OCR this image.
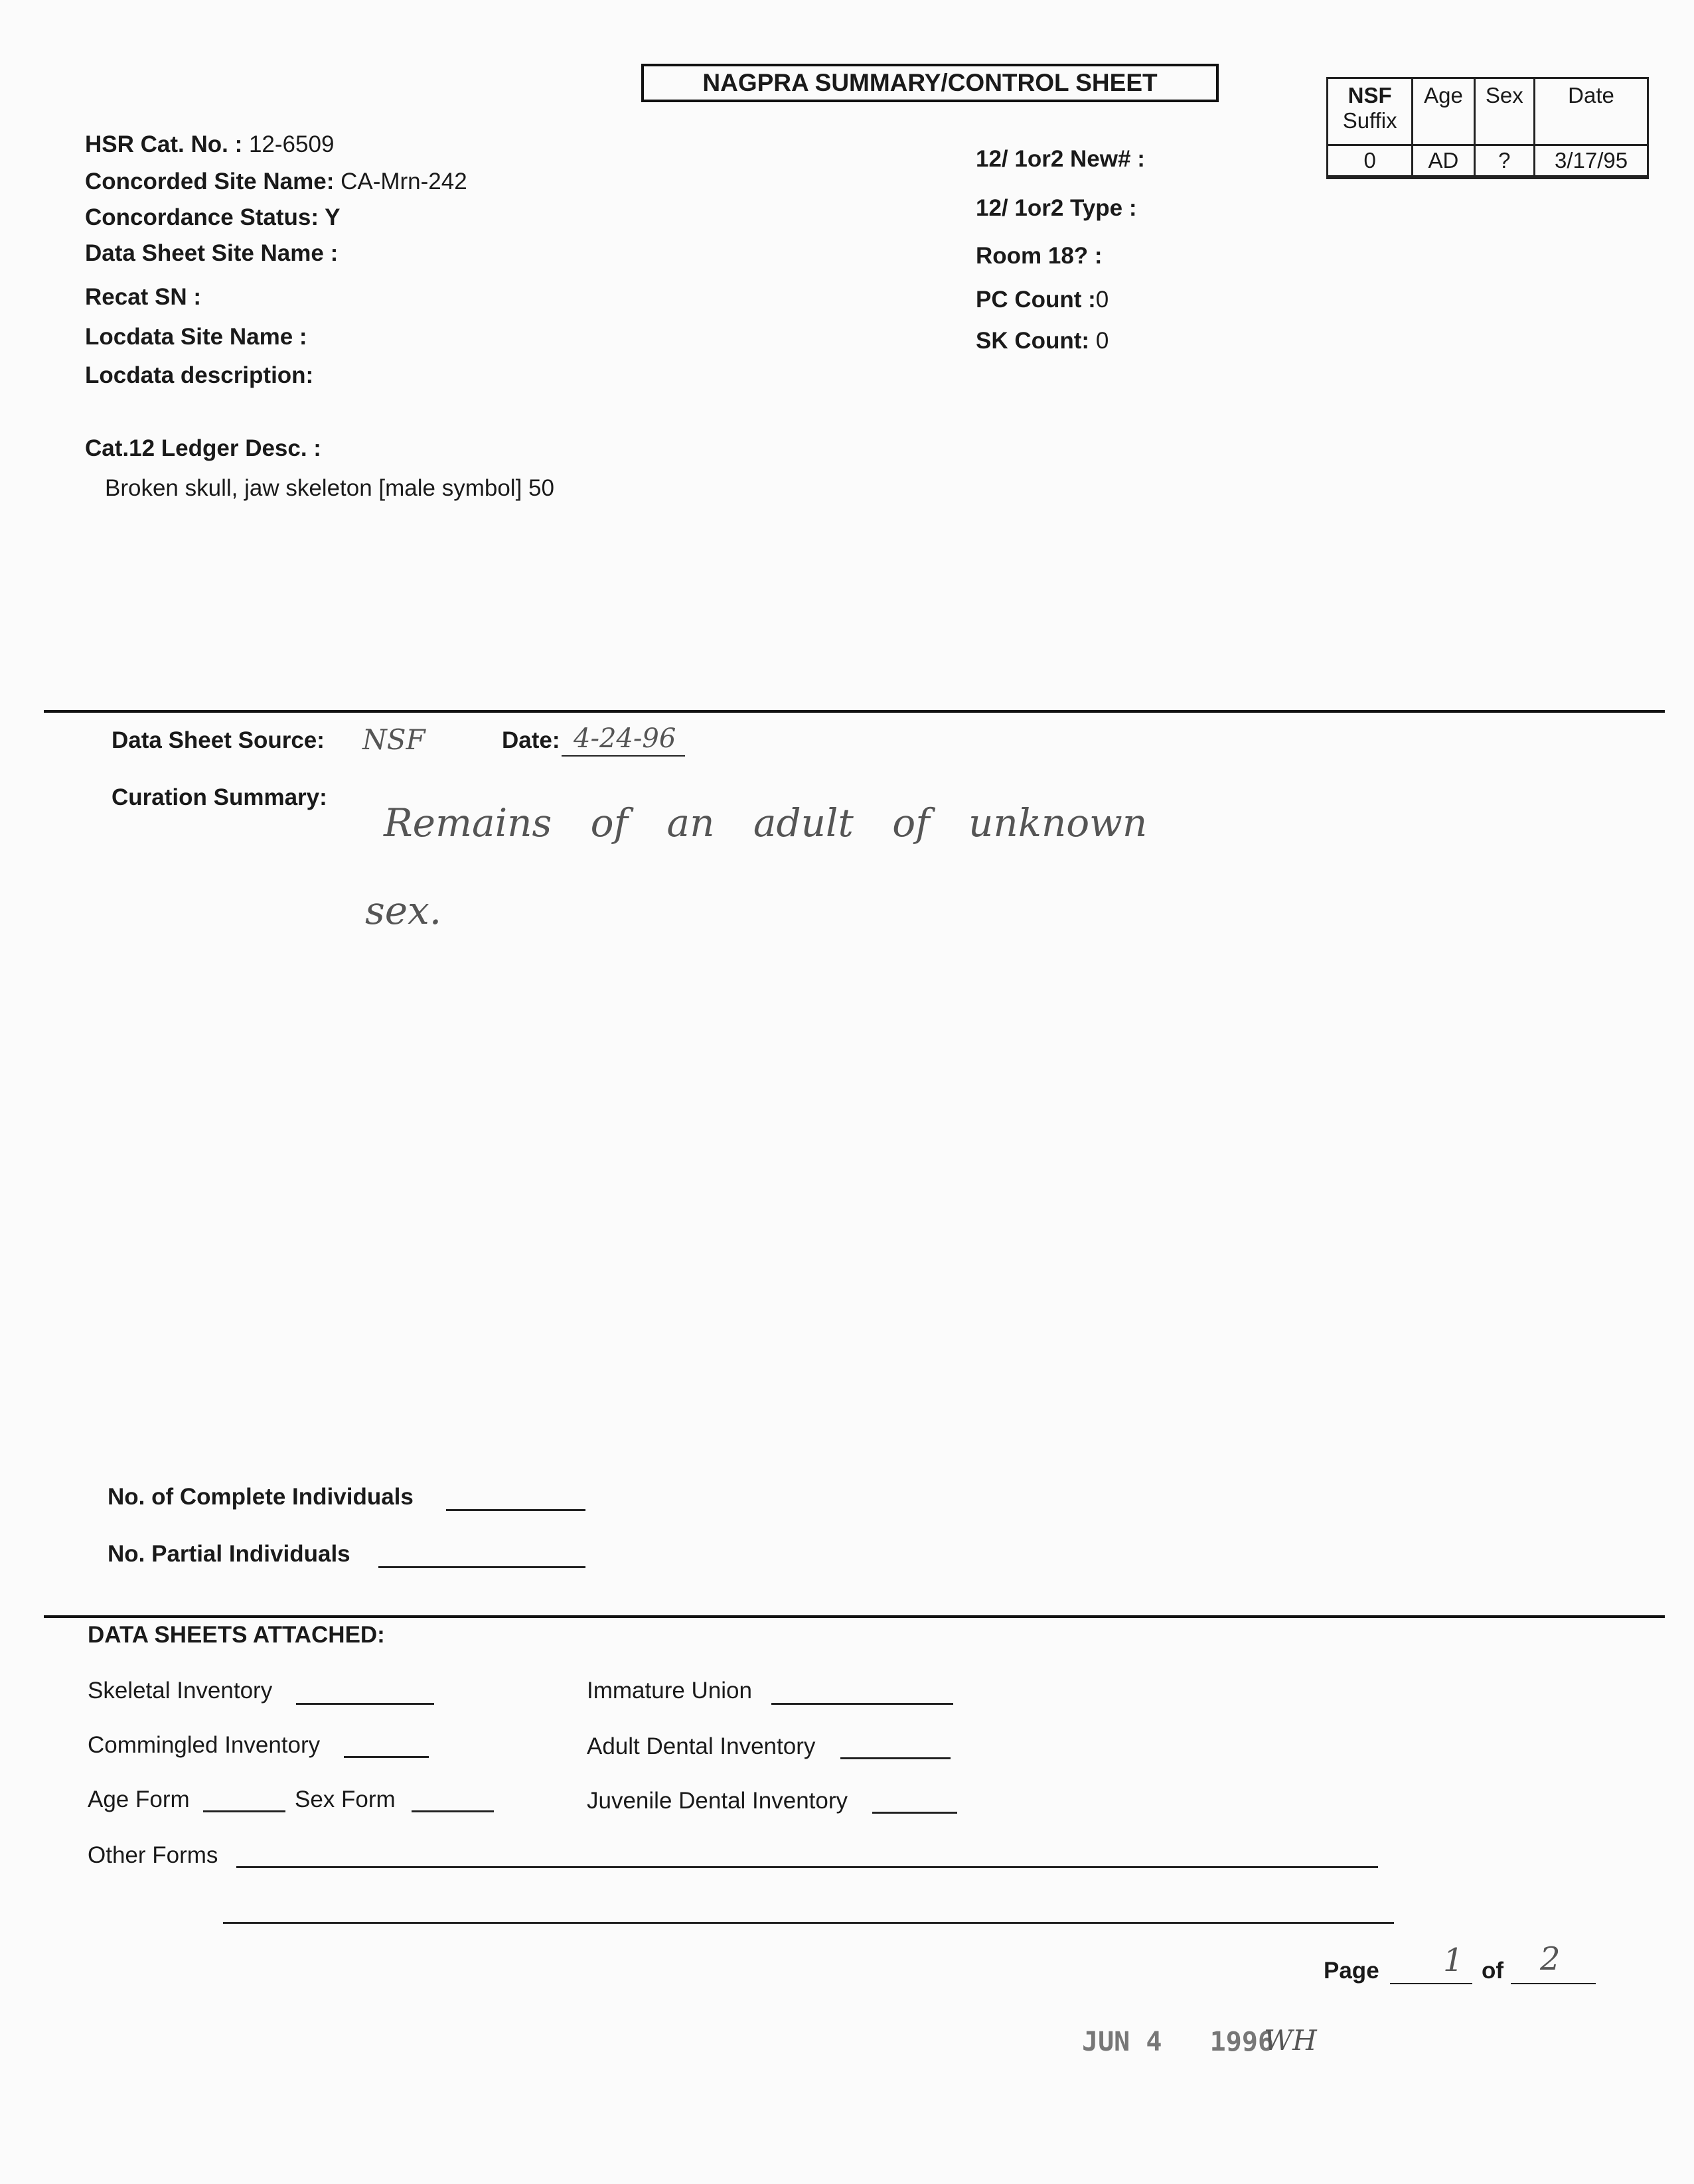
NAGPRA SUMMARY/CONTROL SHEET	NSF
Suffix	Age	Sex	Date
0	AD	?	3/17/95
HSR Cat. No. : 12-6509
Concorded Site Name: CA-Mrn-242
Concordance Status: Y
Data Sheet Site Name :
Recat SN :
Locdata Site Name :
Locdata description:
12/ 1or2 New# :
12/ 1or2 Type :
Room 18? :
PC Count :0
SK Count: 0
Cat.12 Ledger Desc. :
Broken skull, jaw skeleton [male symbol] 50
Data Sheet Source: NSF	Date: 4-24-96
Curation Summary:
Remains of an adult of unknown
sex.
No. of Complete Individuals
No. Partial Individuals
DATA SHEETS ATTACHED:
Skeletal Inventory
Commingled Inventory
Age Form	Sex Form
Other Forms
Immature Union
Adult Dental Inventory
Juvenile Dental Inventory
Page 1 of 2
JUN 4   1996
WH
